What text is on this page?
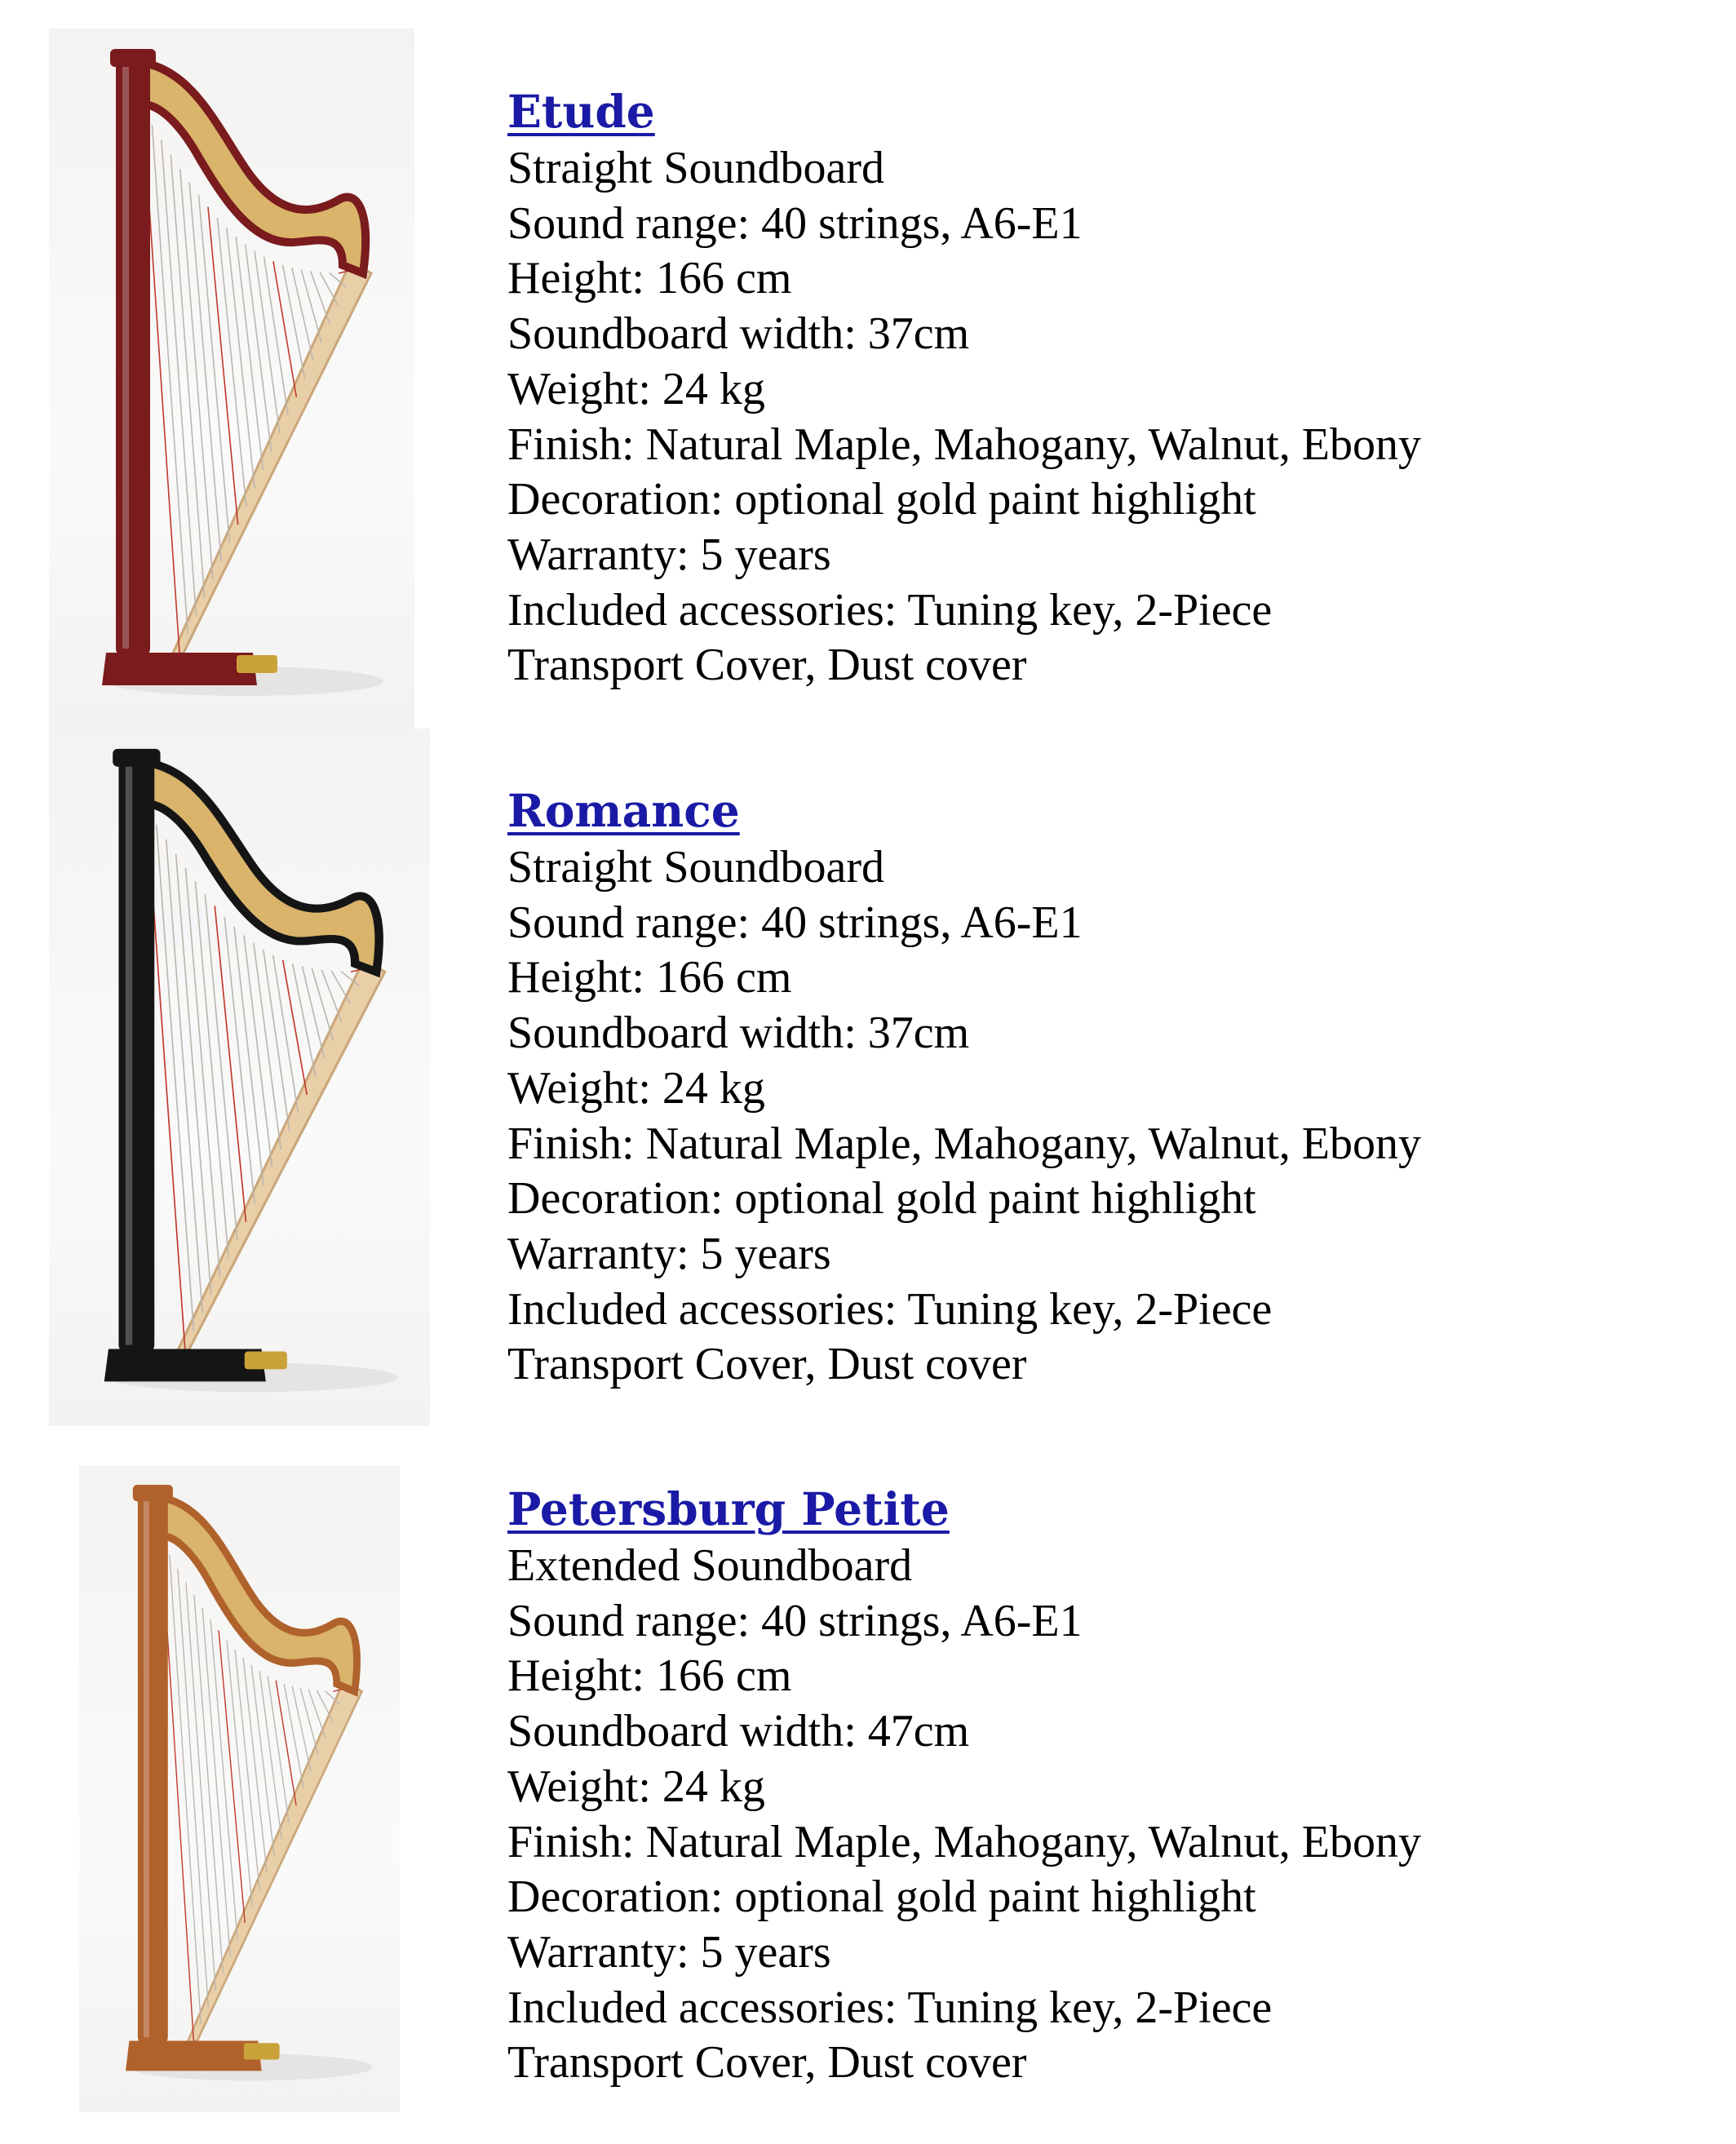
Etude
Straight Soundboard
Sound range: 40 strings, A6-E1
Height: 166 cm
Soundboard width: 37cm
Weight: 24 kg
Finish: Natural Maple, Mahogany, Walnut, Ebony
Decoration: optional gold paint highlight
Warranty: 5 years
Included accessories: Tuning key, 2-Piece
Transport Cover, Dust cover
Romance
Straight Soundboard
Sound range: 40 strings, A6-E1
Height: 166 cm
Soundboard width: 37cm
Weight: 24 kg
Finish: Natural Maple, Mahogany, Walnut, Ebony
Decoration: optional gold paint highlight
Warranty: 5 years
Included accessories: Tuning key, 2-Piece
Transport Cover, Dust cover
Petersburg Petite
Extended Soundboard
Sound range: 40 strings, A6-E1
Height: 166 cm
Soundboard width: 47cm
Weight: 24 kg
Finish: Natural Maple, Mahogany, Walnut, Ebony
Decoration: optional gold paint highlight
Warranty: 5 years
Included accessories: Tuning key, 2-Piece
Transport Cover, Dust cover
